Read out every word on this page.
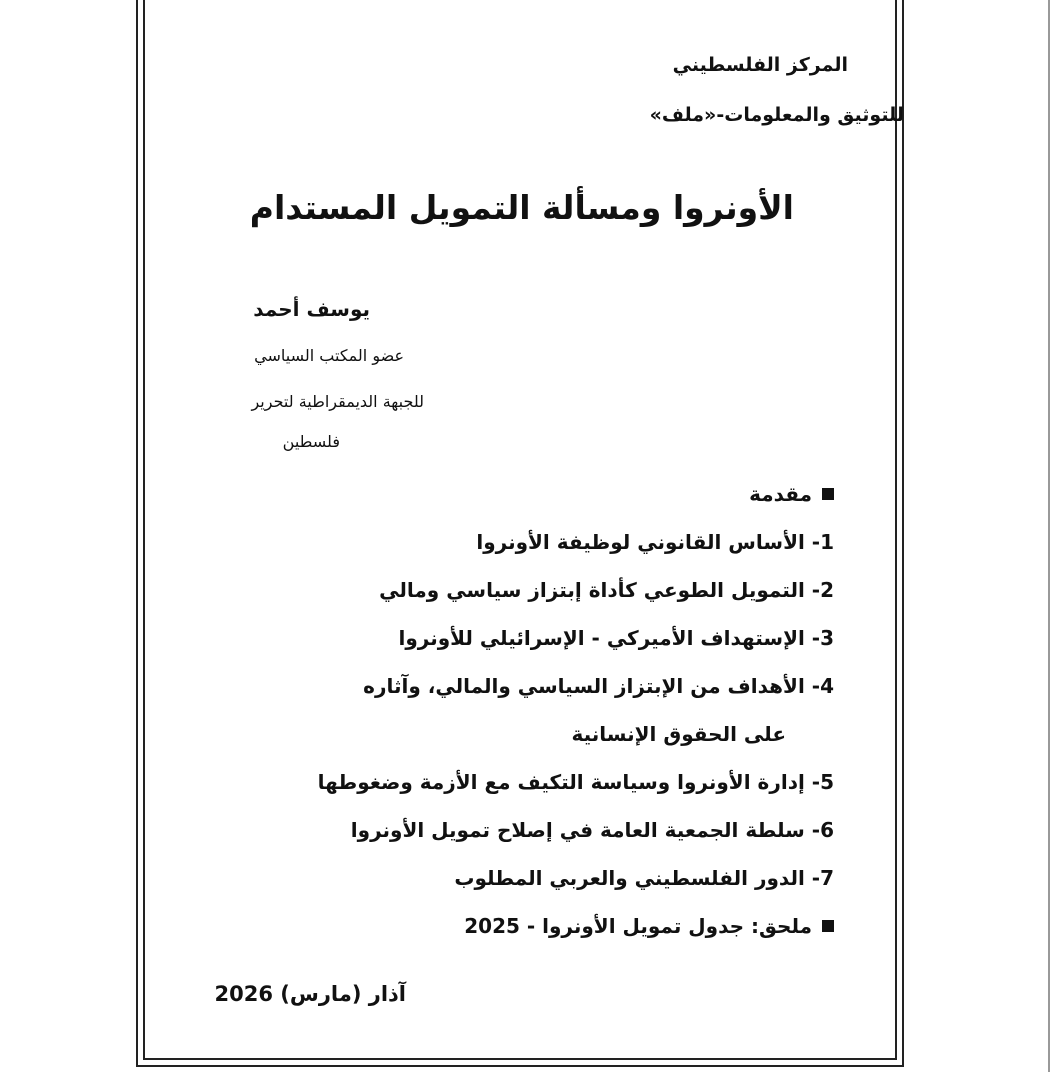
المركز الفلسطيني
للتوثيق والمعلومات-«ملف»
الأونروا ومسألة التمويل المستدام
يوسف أحمد
عضو المكتب السياسي
للجبهة الديمقراطية لتحرير
فلسطين
مقدمة
1- الأساس القانوني لوظيفة الأونروا
2- التمويل الطوعي كأداة إبتزاز سياسي ومالي
3- الإستهداف الأميركي - الإسرائيلي للأونروا
4- الأهداف من الإبتزاز السياسي والمالي، وآثاره
على الحقوق الإنسانية
5- إدارة الأونروا وسياسة التكيف مع الأزمة وضغوطها
6- سلطة الجمعية العامة في إصلاح تمويل الأونروا
7- الدور الفلسطيني والعربي المطلوب
ملحق: جدول تمويل الأونروا - 2025
آذار (مارس) 2026
